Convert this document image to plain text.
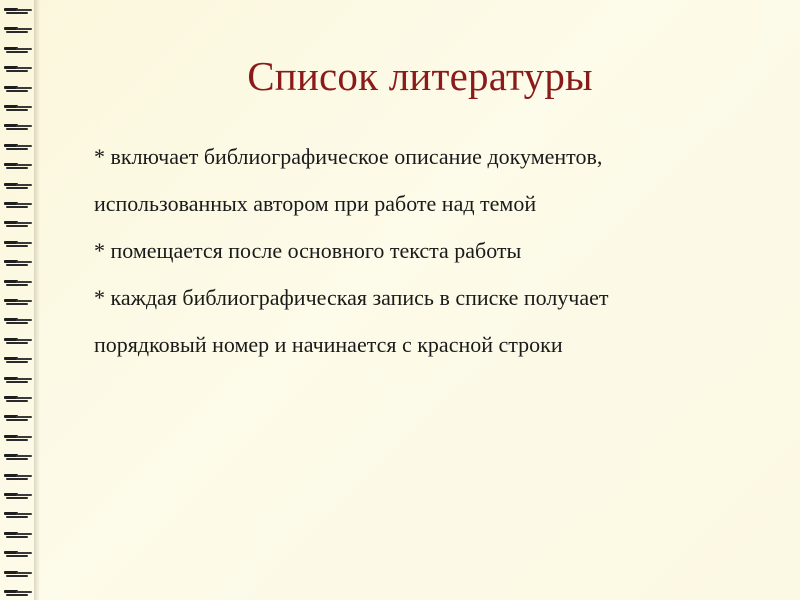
Список литературы
* включает библиографическое описание документов,
использованных автором при работе над темой
* помещается после основного текста работы
* каждая библиографическая запись в списке получает
порядковый номер и начинается с красной строки
